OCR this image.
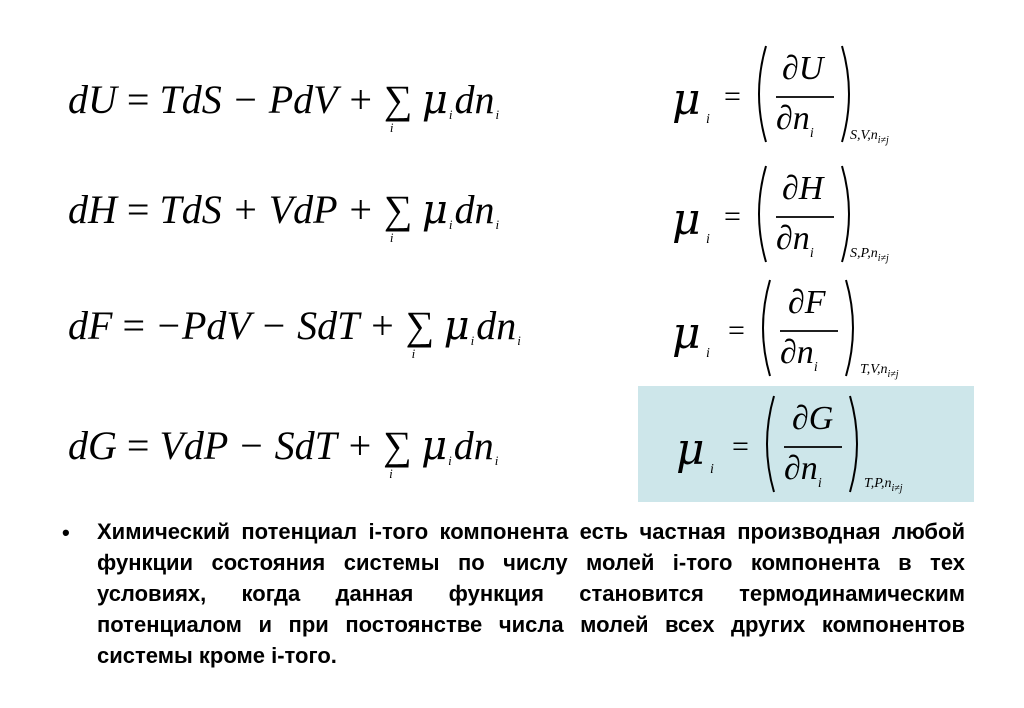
dU = TdS − PdV + ∑
i
μidni
dH = TdS + VdP + ∑
i
μidni
dF = −PdV − SdT + ∑
i
μidni
dG = VdP − SdT + ∑
i
μidni
μ i
=
∂U
$\partial n_i$	$S,V,n_{i\ne j}$
μ i
=
∂H
$\partial n_i$	$S,P,n_{i\ne j}$
μ i
=
∂F
$\partial n_i$	$T,V,n_{i\ne j}$
μ i
=
∂G
$\partial n_i$	$T,P,n_{i\ne j}$
• Химический потенциал i-того компонента есть частная производная любой функции состояния системы по числу молей i-того компонента в тех условиях, когда данная функция становится термодинамическим потенциалом и при постоянстве числа молей всех других компонентов системы кроме i-того.
